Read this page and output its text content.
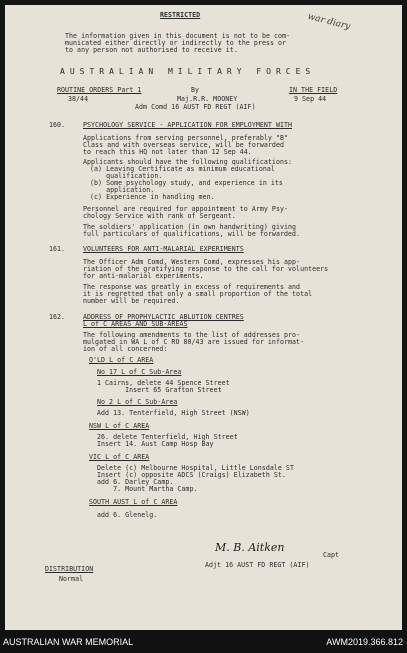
RESTRICTED	war diary
The information given in this document is not to be com-
municated either directly or indirectly to the press or
to any person not authorised to receive it.
AUSTRALIAN MILITARY FORCES
ROUTINE ORDERS Part 1	By	IN THE FIELD
38/44	Maj.R.R. MOONEY	9 Sep 44
Adm Comd 16 AUST FD REGT (AIF)
160.	PSYCHOLOGY SERVICE - APPLICATION FOR EMPLOYMENT WITH
Applications from serving personnel, preferably "B"
Class and with overseas service, will be forwarded
to reach this HQ not later than 12 Sep 44.
Applicants should have the following qualifications:
(a) Leaving Certificate as minimum educational
qualification.
(b) Some psychology study, and experience in its
application.
(c) Experience in handling men.
Personnel are required for appointment to Army Psy-
chology Service with rank of Sergeant.
The soldiers' application (in own handwriting) giving
full particulars of qualifications, will be forwarded.
161.	VOLUNTEERS FOR ANTI-MALARIAL EXPERIMENTS
The Officer Adm Comd, Western Comd, expresses his app-
riation of the gratifying response to the call for volunteers
for anti-malarial experiments.
The response was greatly in excess of requirements and
it is regretted that only a small proportion of the total
number will be required.
162.	ADDRESS OF PROPHYLACTIC ABLUTION CENTRES
L of C AREAS AND SUB-AREAS
The following amendments to the list of addresses pro-
mulgated in WA L of C RO 80/43 are issued for informat-
ion of all concerned:
Q'LD L of C AREA
No 17 L of C Sub-Area
1 Cairns, delete 44 Spence Street
Insert 65 Grafton Street
No 2 L of C Sub-Area
Add 13. Tenterfield, High Street (NSW)
NSW L of C AREA
26. delete Tenterfield, High Street
Insert 14. Aust Camp Hosp Bay
VIC L of C AREA
Delete (c) Melbourne Hospital, Little Lonsdale ST
Insert (c) opposite ADCS (Craigs) Elizabeth St.
add 6. Darley Camp.
7. Mount Martha Camp.
SOUTH AUST L of C AREA
add 6. Glenelg.
M. B. Aitken
Capt
Adjt 16 AUST FD REGT (AIF)
DISTRIBUTION
Normal
AUSTRALIAN WAR MEMORIAL	AWM2019.366.812
